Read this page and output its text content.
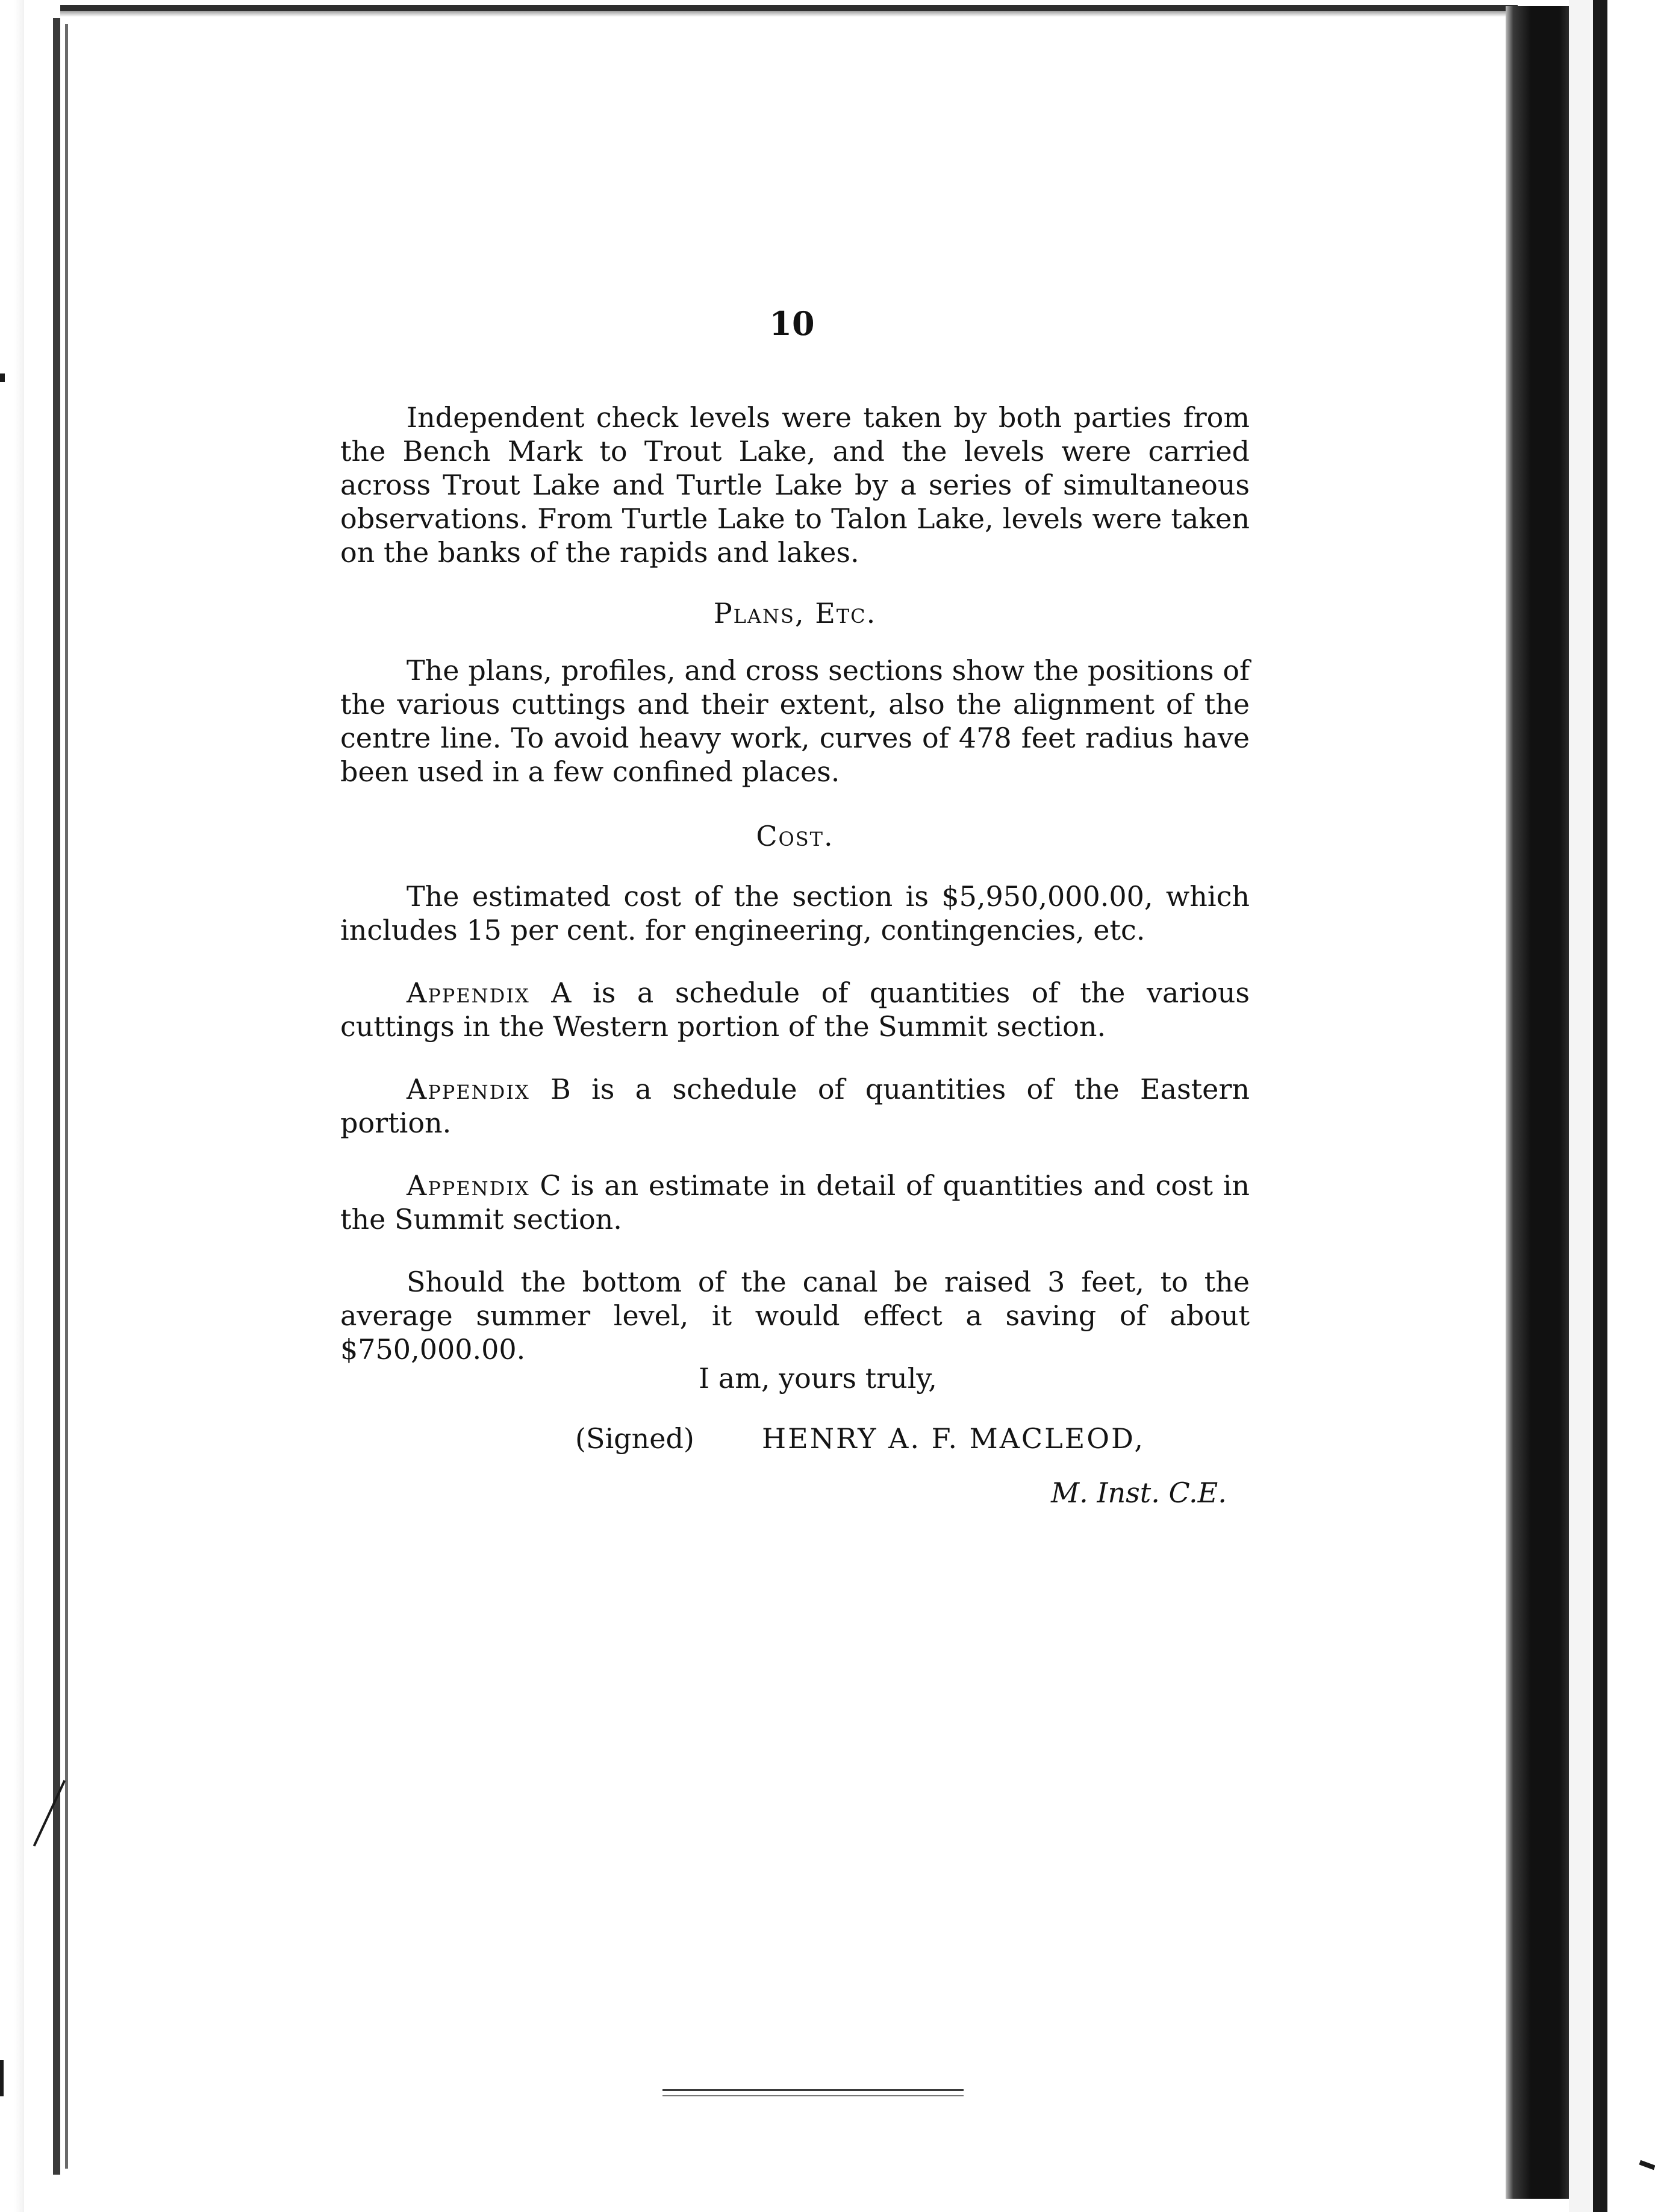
10

Independent check levels were taken by both parties from the Bench Mark to Trout Lake, and the levels were carried across Trout Lake and Turtle Lake by a series of simultaneous observations. From Turtle Lake to Talon Lake, levels were taken on the banks of the rapids and lakes.

Plans, Etc.

The plans, profiles, and cross sections show the positions of the various cuttings and their extent, also the alignment of the centre line. To avoid heavy work, curves of 478 feet radius have been used in a few confined places.

Cost.

The estimated cost of the section is $5,950,000.00, which includes 15 per cent. for engineering, contingencies, etc.

Appendix A is a schedule of quantities of the various cuttings in the Western portion of the Summit section.

Appendix B is a schedule of quantities of the Eastern portion.

Appendix C is an estimate in detail of quantities and cost in the Summit section.

Should the bottom of the canal be raised 3 feet, to the average summer level, it would effect a saving of about $750,000.00.

I am, yours truly,

(Signed) HENRY A. F. MACLEOD,

M. Inst. C.E.
